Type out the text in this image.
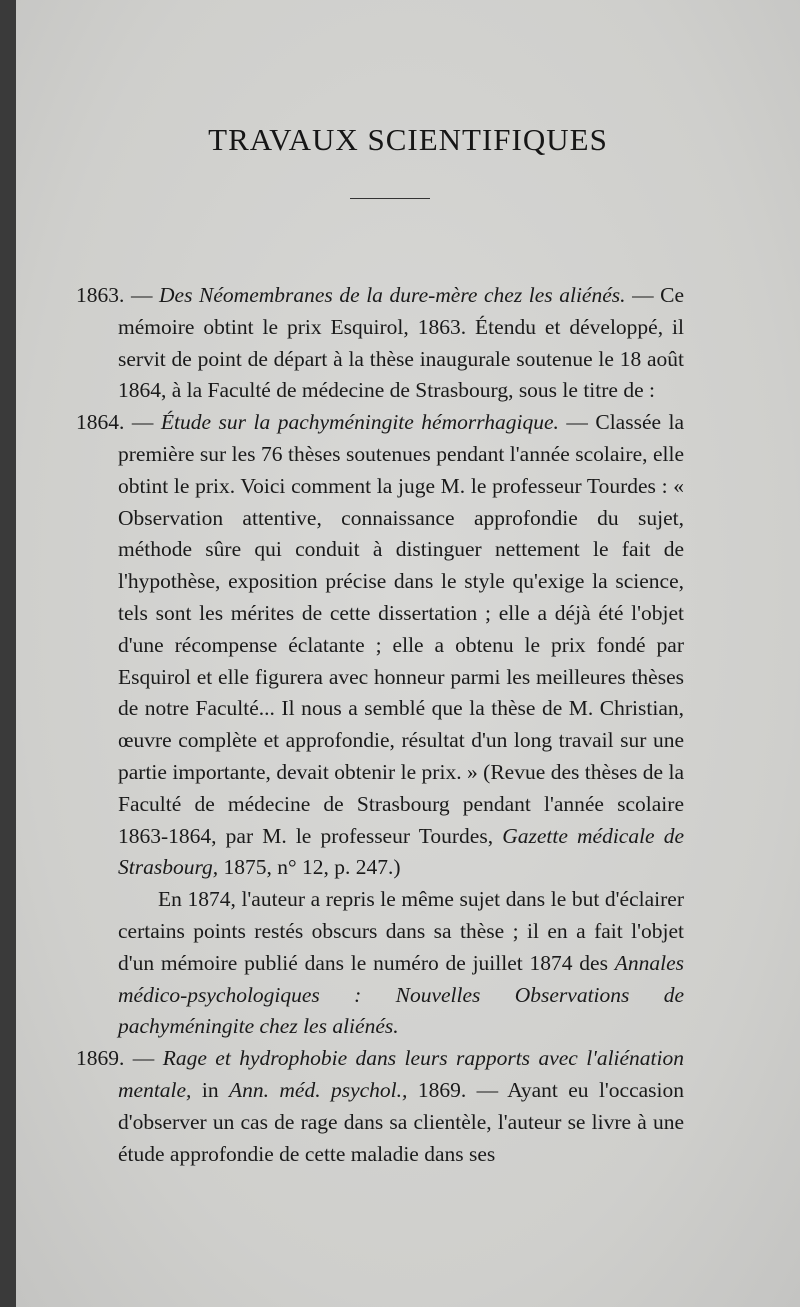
TRAVAUX SCIENTIFIQUES

1863. — Des Néomembranes de la dure-mère chez les aliénés. — Ce mémoire obtint le prix Esquirol, 1863. Étendu et développé, il servit de point de départ à la thèse inaugurale soutenue le 18 août 1864, à la Faculté de médecine de Strasbourg, sous le titre de :

1864. — Étude sur la pachyméningite hémorrhagique. — Classée la première sur les 76 thèses soutenues pendant l'année scolaire, elle obtint le prix. Voici comment la juge M. le professeur Tourdes : « Observation attentive, connaissance approfondie du sujet, méthode sûre qui conduit à distinguer nettement le fait de l'hypothèse, exposition précise dans le style qu'exige la science, tels sont les mérites de cette dissertation ; elle a déjà été l'objet d'une récompense éclatante ; elle a obtenu le prix fondé par Esquirol et elle figurera avec honneur parmi les meilleures thèses de notre Faculté... Il nous a semblé que la thèse de M. Christian, œuvre complète et approfondie, résultat d'un long travail sur une partie importante, devait obtenir le prix. » (Revue des thèses de la Faculté de médecine de Strasbourg pendant l'année scolaire 1863-1864, par M. le professeur Tourdes, Gazette médicale de Strasbourg, 1875, n° 12, p. 247.)

En 1874, l'auteur a repris le même sujet dans le but d'éclairer certains points restés obscurs dans sa thèse ; il en a fait l'objet d'un mémoire publié dans le numéro de juillet 1874 des Annales médico-psychologiques : Nouvelles Observations de pachyméningite chez les aliénés.

1869. — Rage et hydrophobie dans leurs rapports avec l'aliénation mentale, in Ann. méd. psychol., 1869. — Ayant eu l'occasion d'observer un cas de rage dans sa clientèle, l'auteur se livre à une étude approfondie de cette maladie dans ses
